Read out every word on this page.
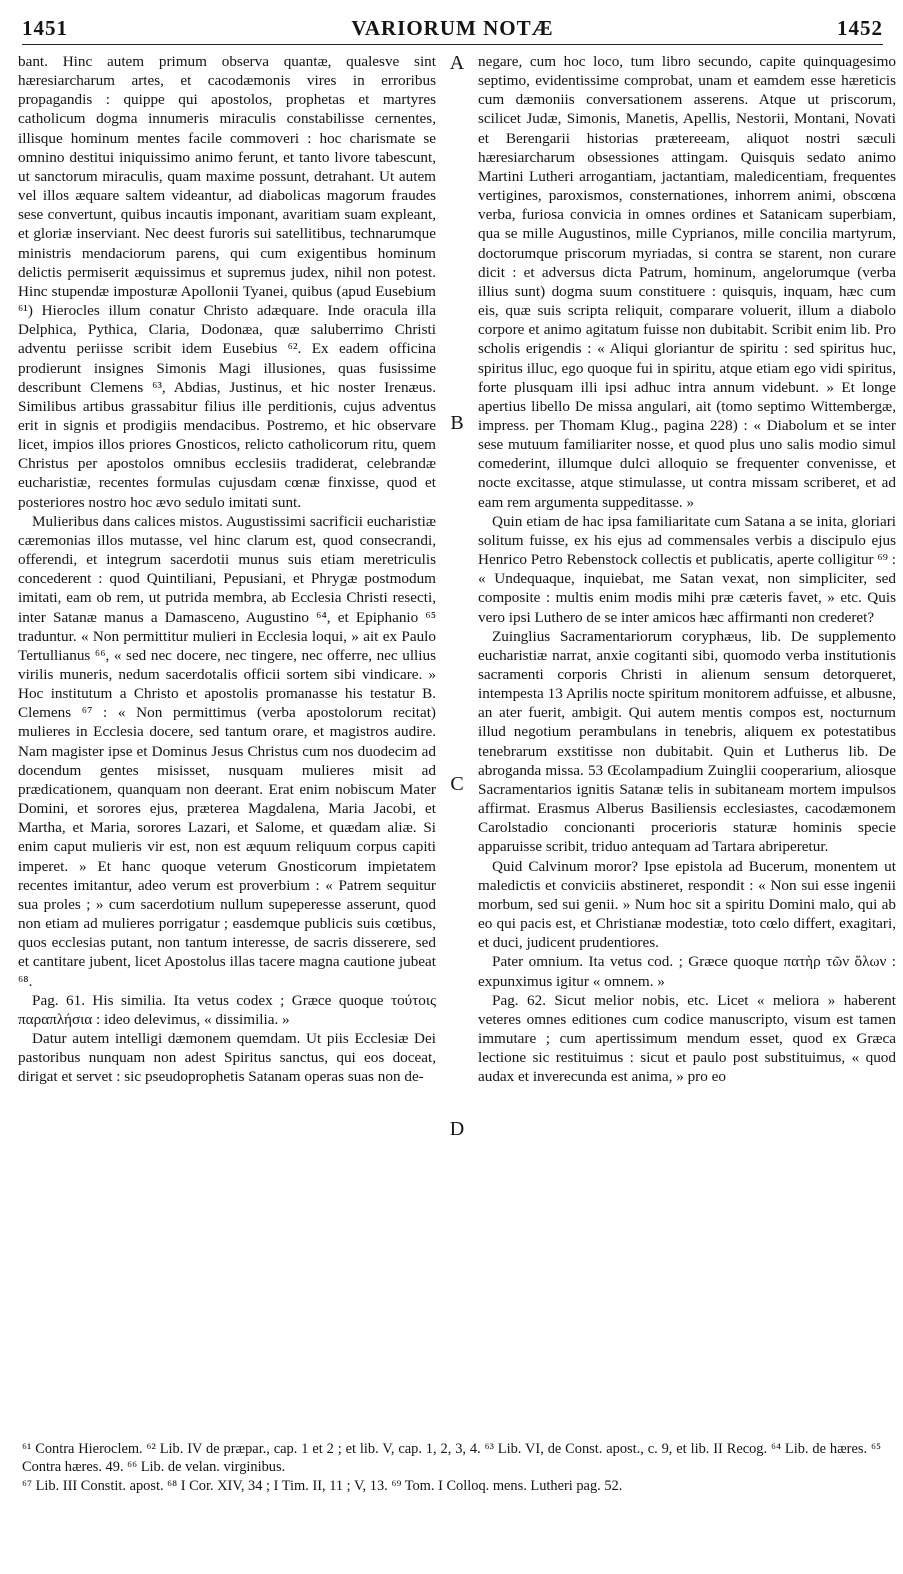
1451	VARIORUM NOTÆ	1452

bant. Hinc autem primum observa quantæ, qualesve sint hæresiarcharum artes, et cacodæmonis vires in erroribus propagandis : quippe qui apostolos, prophetas et martyres catholicum dogma innumeris miraculis constabilisse cernentes, illisque hominum mentes facile commoveri : hoc charismate se omnino destitui iniquissimo animo ferunt, et tanto livore tabescunt, ut sanctorum miraculis, quam maxime possunt, detrahant. Ut autem vel illos æquare saltem videantur, ad diabolicas magorum fraudes sese convertunt, quibus incautis imponant, avaritiam suam expleant, et gloriæ inserviant. Nec deest furoris sui satellitibus, technarumque ministris mendaciorum parens, qui cum exigentibus hominum delictis permiserit æquissimus et supremus judex, nihil non potest. Hinc stupendæ imposturæ Apollonii Tyanei, quibus (apud Eusebium ⁶¹) Hierocles illum conatur Christo adæquare. Inde oracula illa Delphica, Pythica, Claria, Dodonæa, quæ saluberrimo Christi adventu periisse scribit idem Eusebius ⁶². Ex eadem officina prodierunt insignes Simonis Magi illusiones, quas fusissime describunt Clemens ⁶³, Abdias, Justinus, et hic noster Irenæus. Similibus artibus grassabitur filius ille perditionis, cujus adventus erit in signis et prodigiis mendacibus. Postremo, et hic observare licet, impios illos priores Gnosticos, relicto catholicorum ritu, quem Christus per apostolos omnibus ecclesiis tradiderat, celebrandæ eucharistiæ, recentes formulas cujusdam cœnæ finxisse, quod et posteriores nostro hoc ævo sedulo imitati sunt.

Mulieribus dans calices mistos. Augustissimi sacrificii eucharistiæ cæremonias illos mutasse, vel hinc clarum est, quod consecrandi, offerendi, et integrum sacerdotii munus suis etiam meretriculis concederent : quod Quintiliani, Pepusiani, et Phrygæ postmodum imitati, eam ob rem, ut putrida membra, ab Ecclesia Christi resecti, inter Satanæ manus a Damasceno, Augustino ⁶⁴, et Epiphanio ⁶⁵ traduntur. « Non permittitur mulieri in Ecclesia loqui, » ait ex Paulo Tertullianus ⁶⁶, « sed nec docere, nec tingere, nec offerre, nec ullius virilis muneris, nedum sacerdotalis officii sortem sibi vindicare. » Hoc institutum a Christo et apostolis promanasse his testatur B. Clemens ⁶⁷ : « Non permittimus (verba apostolorum recitat) mulieres in Ecclesia docere, sed tantum orare, et magistros audire. Nam magister ipse et Dominus Jesus Christus cum nos duodecim ad docendum gentes misisset, nusquam mulieres misit ad prædicationem, quanquam non deerant. Erat enim nobiscum Mater Domini, et sorores ejus, præterea Magdalena, Maria Jacobi, et Martha, et Maria, sorores Lazari, et Salome, et quædam aliæ. Si enim caput mulieris vir est, non est æquum reliquum corpus capiti imperet. » Et hanc quoque veterum Gnosticorum impietatem recentes imitantur, adeo verum est proverbium : « Patrem sequitur sua proles ; » cum sacerdotium nullum supeperesse asserunt, quod non etiam ad mulieres porrigatur ; easdemque publicis suis cœtibus, quos ecclesias putant, non tantum interesse, de sacris disserere, sed et cantitare jubent, licet Apostolus illas tacere magna cautione jubeat ⁶⁸.

Pag. 61. His similia. Ita vetus codex ; Græce quoque τούτοις παραπλήσια : ideo delevimus, « dissimilia. »

Datur autem intelligi dæmonem quemdam. Ut piis Ecclesiæ Dei pastoribus nunquam non adest Spiritus sanctus, qui eos doceat, dirigat et servet : sic pseudoprophetis Satanam operas suas non de-

A
B
C
D

negare, cum hoc loco, tum libro secundo, capite quinquagesimo septimo, evidentissime comprobat, unam et eamdem esse hæreticis cum dæmoniis conversationem asserens. Atque ut priscorum, scilicet Judæ, Simonis, Manetis, Apellis, Nestorii, Montani, Novati et Berengarii historias prætereeam, aliquot nostri sæculi hæresiarcharum obsessiones attingam. Quisquis sedato animo Martini Lutheri arrogantiam, jactantiam, maledicentiam, frequentes vertigines, paroxismos, consternationes, inhorrem animi, obscœna verba, furiosa convicia in omnes ordines et Satanicam superbiam, qua se mille Augustinos, mille Cyprianos, mille concilia martyrum, doctorumque priscorum myriadas, si contra se starent, non curare dicit : et adversus dicta Patrum, hominum, angelorumque (verba illius sunt) dogma suum constituere : quisquis, inquam, hæc cum eis, quæ suis scripta reliquit, comparare voluerit, illum a diabolo corpore et animo agitatum fuisse non dubitabit. Scribit enim lib. Pro scholis erigendis : « Aliqui gloriantur de spiritu : sed spiritus huc, spiritus illuc, ego quoque fui in spiritu, atque etiam ego vidi spiritus, forte plusquam illi ipsi adhuc intra annum videbunt. » Et longe apertius libello De missa angulari, ait (tomo septimo Wittembergæ, impress. per Thomam Klug., pagina 228) : « Diabolum et se inter sese mutuum familiariter nosse, et quod plus uno salis modio simul comederint, illumque dulci alloquio se frequenter convenisse, et nocte excitasse, atque stimulasse, ut contra missam scriberet, et ad eam rem argumenta suppeditasse. »

Quin etiam de hac ipsa familiaritate cum Satana a se inita, gloriari solitum fuisse, ex his ejus ad commensales verbis a discipulo ejus Henrico Petro Rebenstock collectis et publicatis, aperte colligitur ⁶⁹ : « Undequaque, inquiebat, me Satan vexat, non simpliciter, sed composite : multis enim modis mihi præ cæteris favet, » etc. Quis vero ipsi Luthero de se inter amicos hæc affirmanti non crederet?

Zuinglius Sacramentariorum coryphæus, lib. De supplemento eucharistiæ narrat, anxie cogitanti sibi, quomodo verba institutionis sacramenti corporis Christi in alienum sensum detorqueret, intempesta 13 Aprilis nocte spiritum monitorem adfuisse, et albusne, an ater fuerit, ambigit. Qui autem mentis compos est, nocturnum illud negotium perambulans in tenebris, aliquem ex potestatibus tenebrarum exstitisse non dubitabit. Quin et Lutherus lib. De abroganda missa. 53 Œcolampadium Zuinglii cooperarium, aliosque Sacramentarios ignitis Satanæ telis in subitaneam mortem impulsos affirmat. Erasmus Alberus Basiliensis ecclesiastes, cacodæmonem Carolstadio concionanti procerioris staturæ hominis specie apparuisse scribit, triduo antequam ad Tartara abriperetur.

Quid Calvinum moror? Ipse epistola ad Bucerum, monentem ut maledictis et conviciis abstineret, respondit : « Non sui esse ingenii morbum, sed sui genii. » Num hoc sit a spiritu Domini malo, qui ab eo qui pacis est, et Christianæ modestiæ, toto cœlo differt, exagitari, et duci, judicent prudentiores.

Pater omnium. Ita vetus cod. ; Græce quoque πατὴρ τῶν ὅλων : expunximus igitur « omnem. »

Pag. 62. Sicut melior nobis, etc. Licet « meliora » haberent veteres omnes editiones cum codice manuscripto, visum est tamen immutare ; cum apertissimum mendum esset, quod ex Græca lectione sic restituimus : sicut et paulo post substituimus, « quod audax et inverecunda est anima, » pro eo

⁶¹ Contra Hieroclem. ⁶² Lib. IV de præpar., cap. 1 et 2 ; et lib. V, cap. 1, 2, 3, 4. ⁶³ Lib. VI, de Const. apost., c. 9, et lib. II Recog. ⁶⁴ Lib. de hæres. ⁶⁵ Contra hæres. 49. ⁶⁶ Lib. de velan. virginibus.

⁶⁷ Lib. III Constit. apost. ⁶⁸ I Cor. XIV, 34 ; I Tim. II, 11 ; V, 13. ⁶⁹ Tom. I Colloq. mens. Lutheri pag. 52.
